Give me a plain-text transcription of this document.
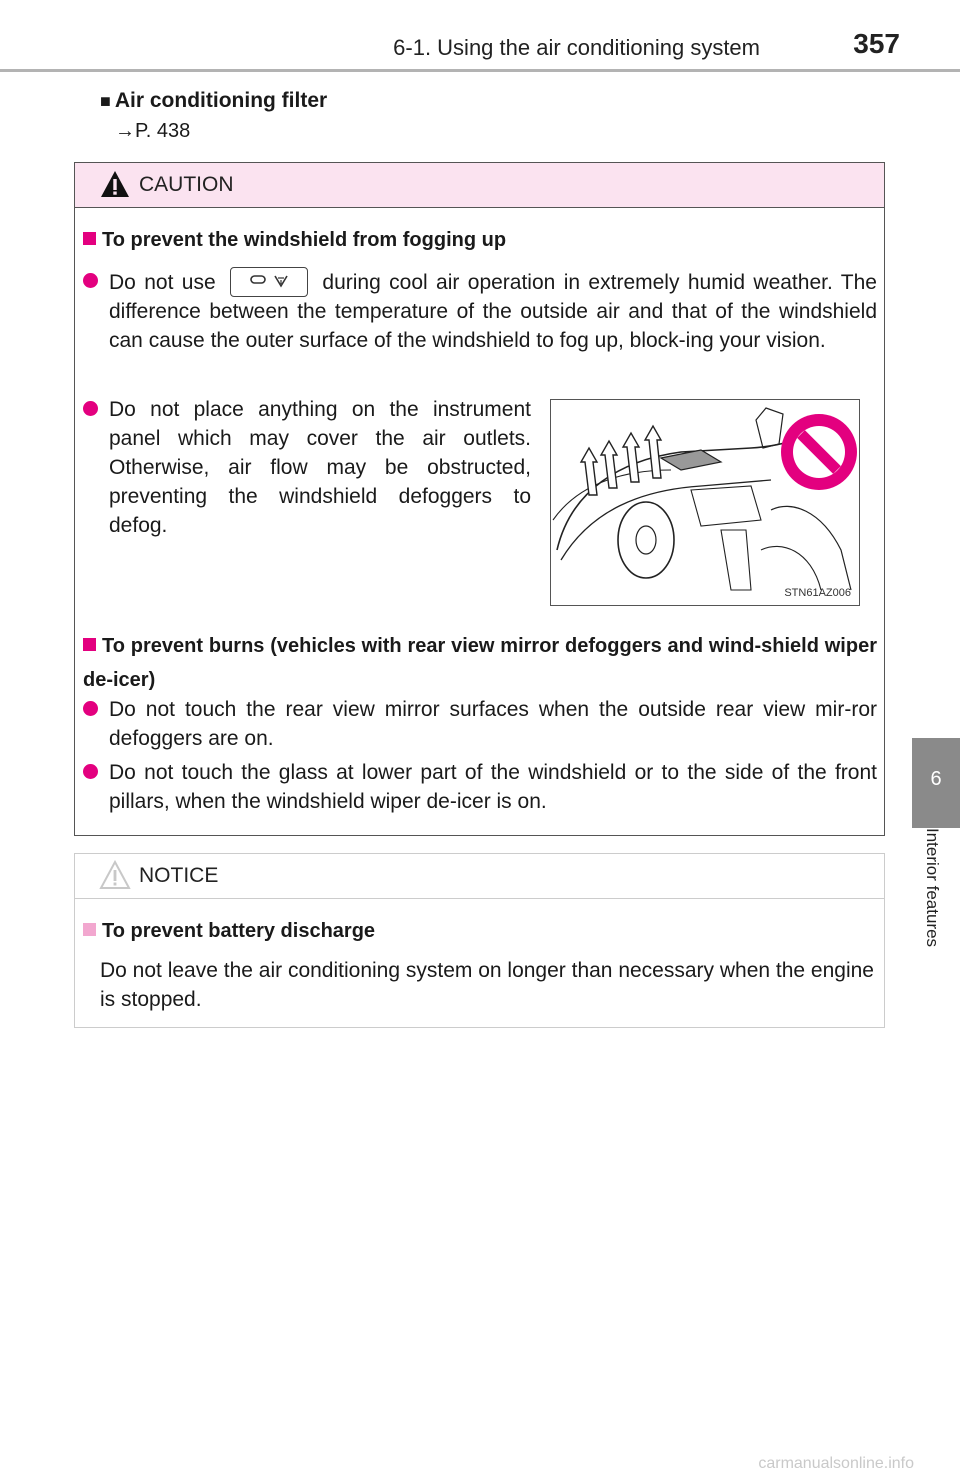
6-1. Using the air conditioning system	357
6
Interior features
■ Air conditioning filter
→P. 438
CAUTION
To prevent the windshield from fogging up
Do not use	during cool air operation in extremely humid weather. The difference between the temperature of the outside air and that of the windshield can cause the outer surface of the windshield to fog up, block-ing your vision.
Do not place anything on the instrument panel which may cover the air outlets. Otherwise, air flow may be obstructed, preventing the windshield defoggers to defog.
STN61AZ006
To prevent burns (vehicles with rear view mirror defoggers and wind-shield wiper de-icer)
Do not touch the rear view mirror surfaces when the outside rear view mir-ror defoggers are on.
Do not touch the glass at lower part of the windshield or to the side of the front pillars, when the windshield wiper de-icer is on.
NOTICE
To prevent battery discharge
Do not leave the air conditioning system on longer than necessary when the engine is stopped.
carmanualsonline.info
